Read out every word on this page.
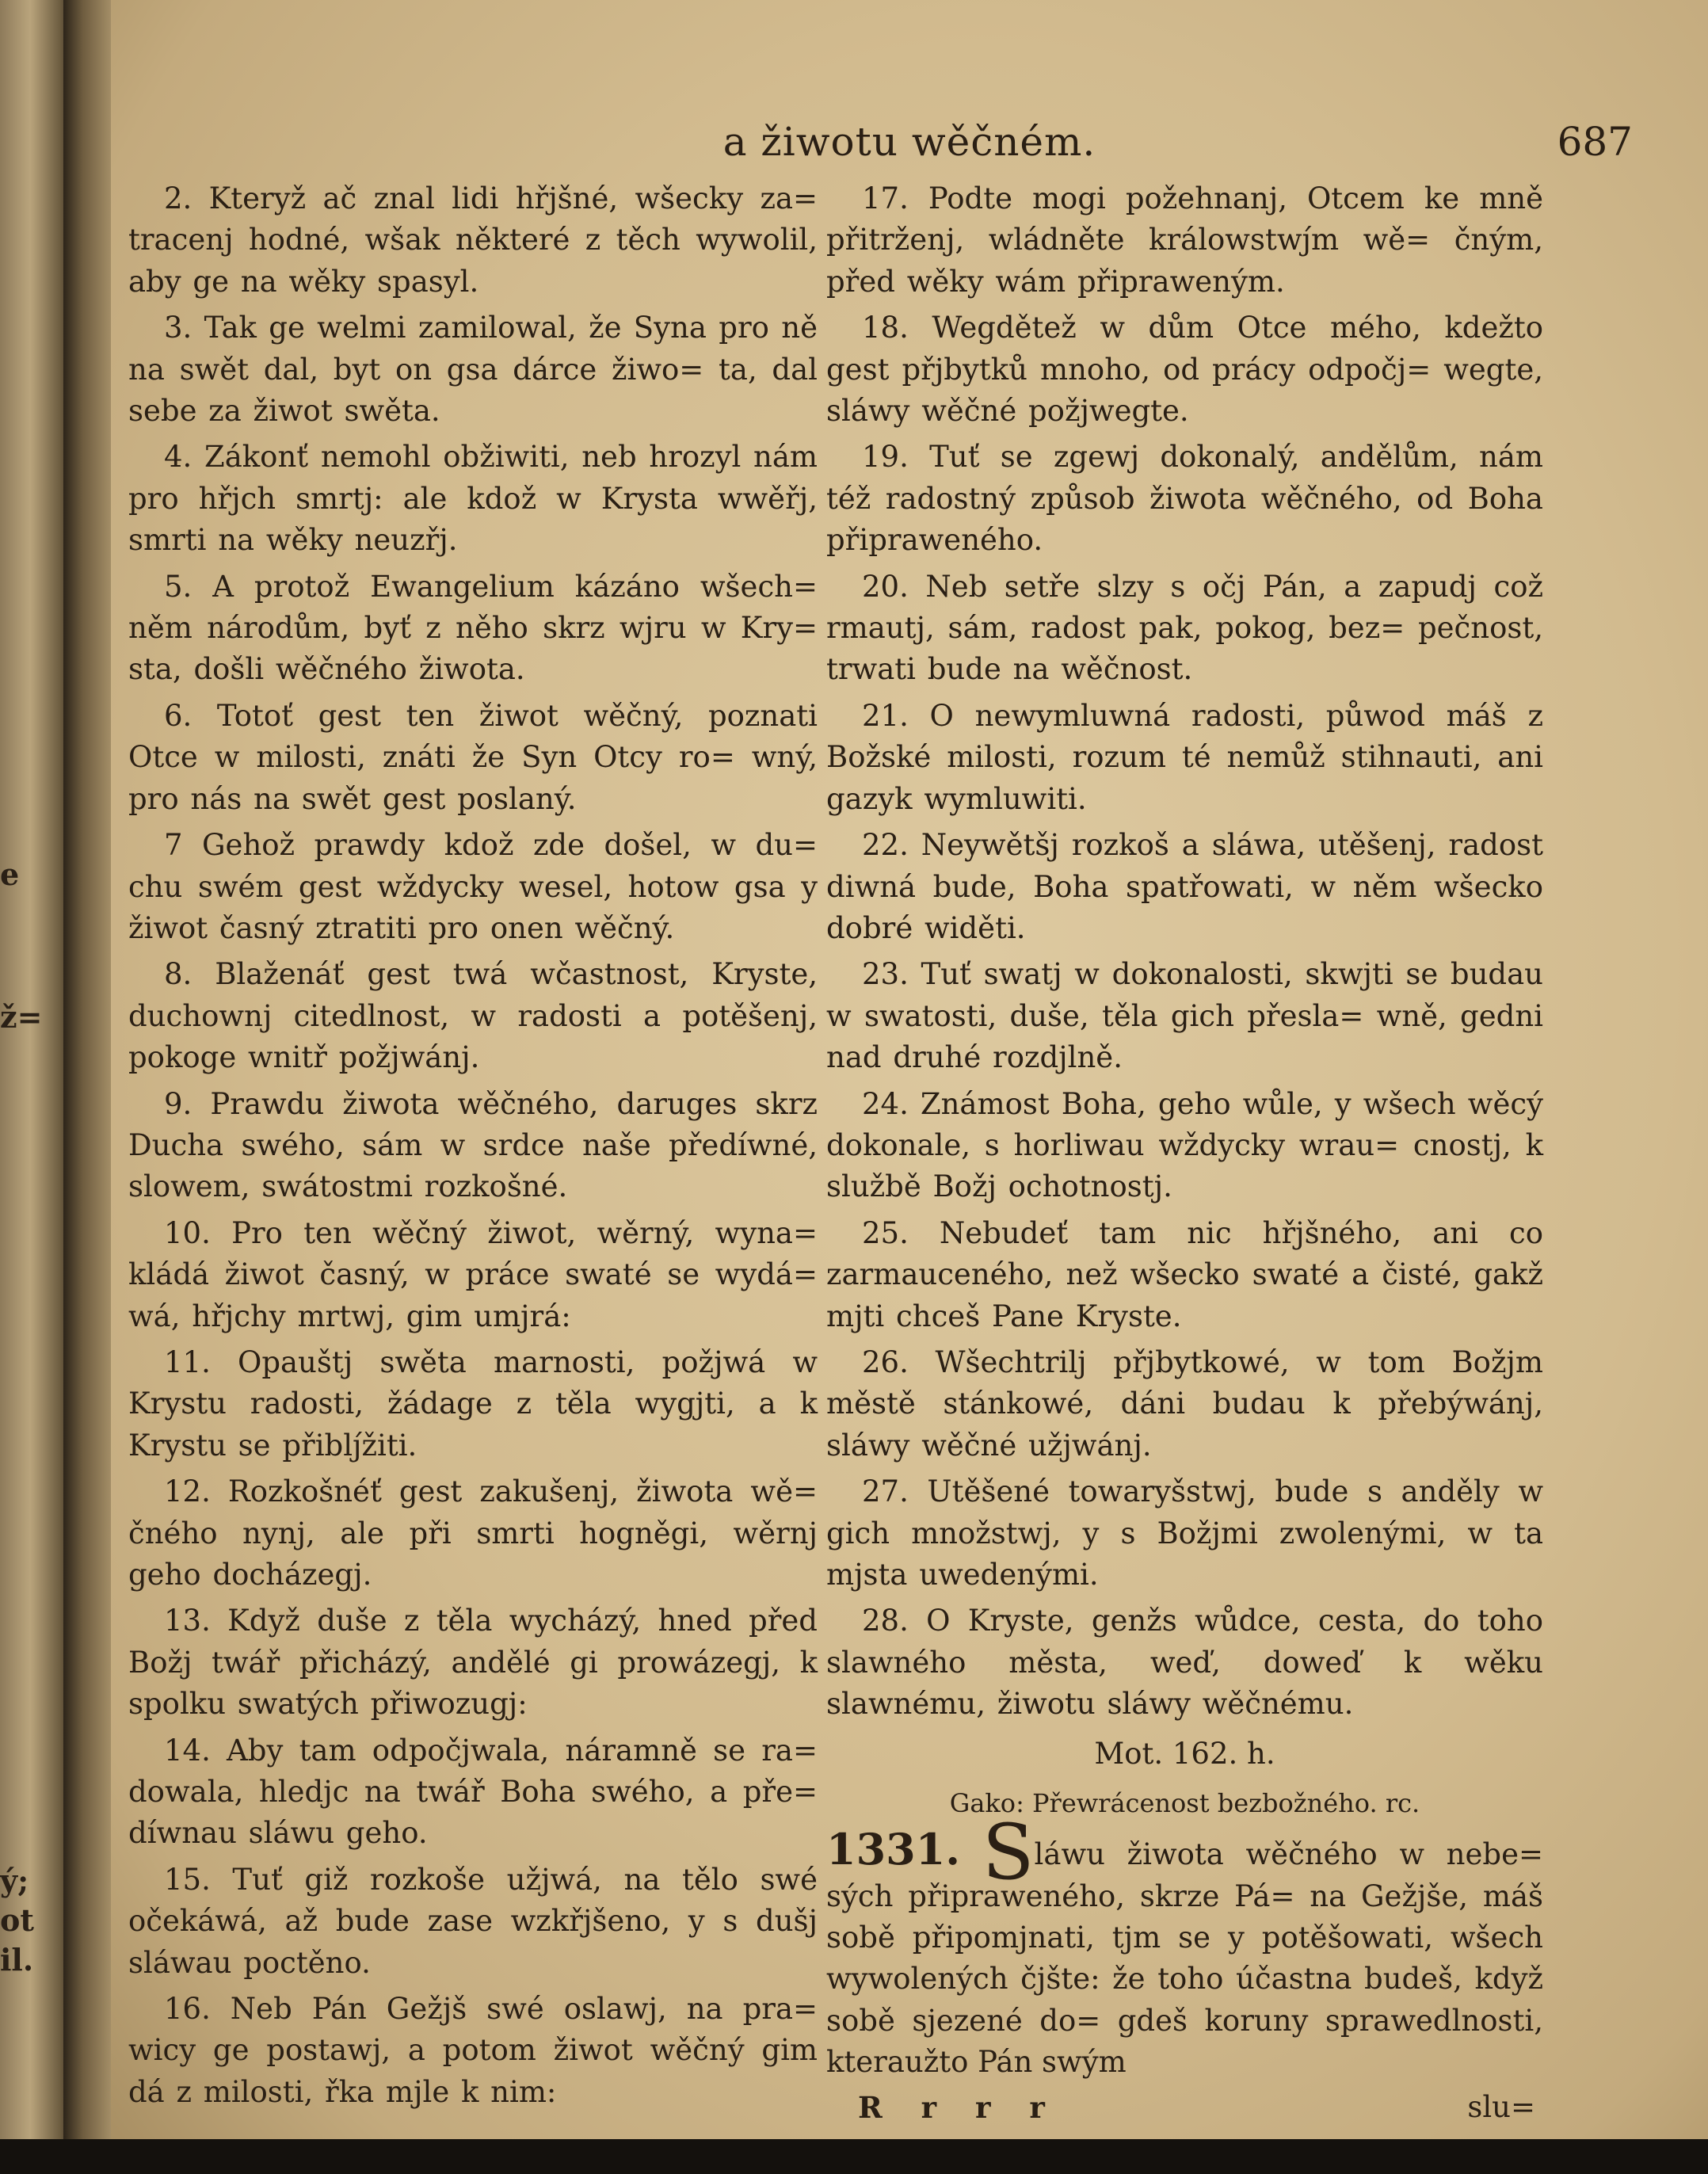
e
ž=
ý;
ot
il.
a žiwotu wěčném.	687

2. Kteryž ač znal lidi hřjšné, wšecky za= tracenj hodné, wšak některé z těch wywolil, aby ge na wěky spasyl.

3. Tak ge welmi zamilowal, že Syna pro ně na swět dal, byt on gsa dárce žiwo= ta, dal sebe za žiwot swěta.

4. Zákonť nemohl obžiwiti, neb hrozyl nám pro hřjch smrtj: ale kdož w Krysta wwěřj, smrti na wěky neuzřj.

5. A protož Ewangelium kázáno wšech= něm národům, byť z něho skrz wjru w Kry= sta, došli wěčného žiwota.

6. Totoť gest ten žiwot wěčný, poznati Otce w milosti, znáti že Syn Otcy ro= wný, pro nás na swět gest poslaný.

7 Gehož prawdy kdož zde došel, w du= chu swém gest wždycky wesel, hotow gsa y žiwot časný ztratiti pro onen wěčný.

8. Blaženáť gest twá wčastnost, Kryste, duchownj citedlnost, w radosti a potěšenj, pokoge wnitř požjwánj.

9. Prawdu žiwota wěčného, daruges skrz Ducha swého, sám w srdce naše předíwné, slowem, swátostmi rozkošné.

10. Pro ten wěčný žiwot, wěrný, wyna= kládá žiwot časný, w práce swaté se wydá= wá, hřjchy mrtwj, gim umjrá:

11. Opauštj swěta marnosti, požjwá w Krystu radosti, žádage z těla wygjti, a k Krystu se přiblj́žiti.

12. Rozkošnéť gest zakušenj, žiwota wě= čného nynj, ale při smrti hogněgi, wěrnj geho docházegj.

13. Když duše z těla wycházý, hned před Božj twář přicházý, andělé gi prowázegj, k spolku swatých přiwozugj:

14. Aby tam odpočjwala, náramně se ra= dowala, hledjc na twář Boha swého, a pře= díwnau sláwu geho.

15. Tuť giž rozkoše užjwá, na tělo swé očekáwá, až bude zase wzkřjšeno, y s dušj sláwau poctěno.

16. Neb Pán Gežjš swé oslawj, na pra= wicy ge postawj, a potom žiwot wěčný gim dá z milosti, řka mjle k nim:

17. Podte mogi požehnanj, Otcem ke mně přitrženj, wládněte králowstwj́m wě= čným, před wěky wám připraweným.

18. Wegdětež w dům Otce mého, kdežto gest přjbytků mnoho, od prácy odpočj= wegte, sláwy wěčné požjwegte.

19. Tuť se zgewj dokonalý, andělům, nám též radostný způsob žiwota wěčného, od Boha připraweného.

20. Neb setře slzy s očj Pán, a zapudj což rmautj, sám, radost pak, pokog, bez= pečnost, trwati bude na wěčnost.

21. O newymluwná radosti, půwod máš z Božské milosti, rozum té nemůž stihnauti, ani gazyk wymluwiti.

22. Neywětšj rozkoš a sláwa, utěšenj, radost diwná bude, Boha spatřowati, w něm wšecko dobré widěti.

23. Tuť swatj w dokonalosti, skwjti se budau w swatosti, duše, těla gich přesla= wně, gedni nad druhé rozdjlně.

24. Známost Boha, geho wůle, y wšech wěcý dokonale, s horliwau wždycky wrau= cnostj, k službě Božj ochotnostj.

25. Nebudeť tam nic hřjšného, ani co zarmauceného, než wšecko swaté a čisté, gakž mjti chceš Pane Kryste.

26. Wšechtrilj přjbytkowé, w tom Božjm městě stánkowé, dáni budau k přebýwánj, sláwy wěčné užjwánj.

27. Utěšené towaryšstwj, bude s anděly w gich množstwj, y s Božjmi zwolenými, w ta mjsta uwedenými.

28. O Kryste, genžs wůdce, cesta, do toho slawného města, weď, doweď k wěku slawnému, žiwotu sláwy wěčnému.

Mot. 162. h.

Gako: Přewrácenost bezbožného. rc.

1331. Sláwu žiwota wěčného w nebe= sých připraweného, skrze Pá= na Gežjše, máš sobě připomjnati, tjm se y potěšowati, wšech wywolených čjšte: že toho účastna budeš, když sobě sjezené do= gdeš koruny sprawedlnosti, kteraužto Pán swým

R r r r	slu=
